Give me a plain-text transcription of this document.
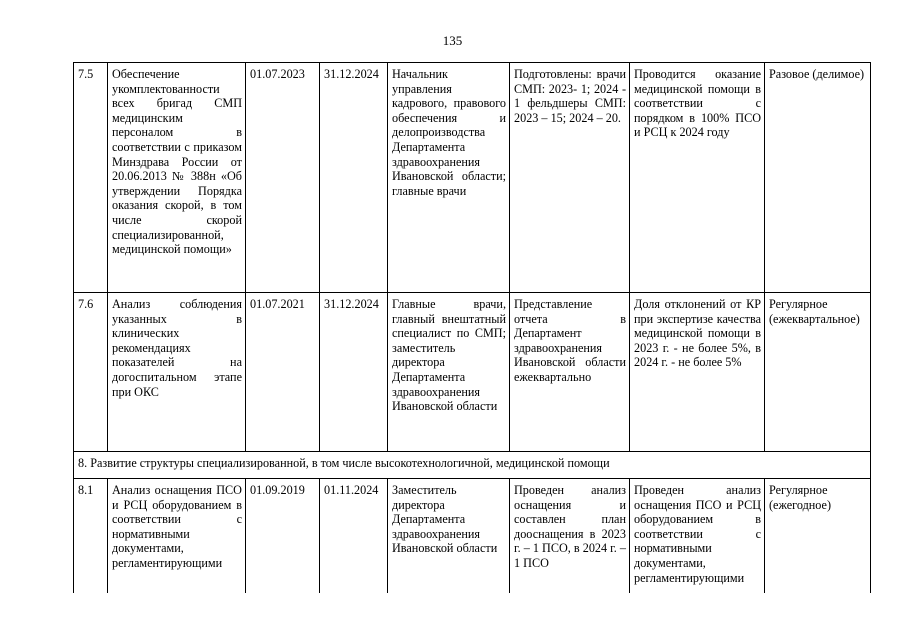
135
7.5	Обеспечение укомплектованности всех бригад СМП медицинским персоналом в соответствии с приказом Минздрава России от 20.06.2013 № 388н «Об утверждении Порядка оказания скорой, в том числе скорой специализированной, медицинской помощи»	01.07.2023	31.12.2024	Начальник управления кадрового, правового обеспечения и делопроизводства Департамента здравоохранения Ивановской области; главные врачи	Подготовлены: врачи СМП: 2023- 1; 2024 - 1 фельдшеры СМП: 2023 – 15; 2024 – 20.	Проводится оказание медицинской помощи в соответствии с порядком в 100% ПСО и РСЦ к 2024 году	Разовое (делимое)
7.6	Анализ соблюдения указанных в клинических рекомендациях показателей на догоспитальном этапе при ОКС	01.07.2021	31.12.2024	Главные врачи, главный внештатный специалист по СМП; заместитель директора Департамента здравоохранения Ивановской области	Представление отчета в Департамент здравоохранения Ивановской области ежеквартально	Доля отклонений от КР при экспертизе качества медицинской помощи в 2023 г. - не более 5%, в 2024 г. - не более 5%	Регулярное (ежеквартальное)
8. Развитие структуры специализированной, в том числе высокотехнологичной, медицинской помощи							
8.1	Анализ оснащения ПСО и РСЦ оборудованием в соответствии с нормативными документами, регламентирующими	01.09.2019	01.11.2024	Заместитель директора Департамента здравоохранения Ивановской области	Проведен анализ оснащения и составлен план дооснащения в 2023 г. – 1 ПСО, в 2024 г. – 1 ПСО	Проведен анализ оснащения ПСО и РСЦ оборудованием в соответствии с нормативными документами, регламентирующими	Регулярное (ежегодное)
